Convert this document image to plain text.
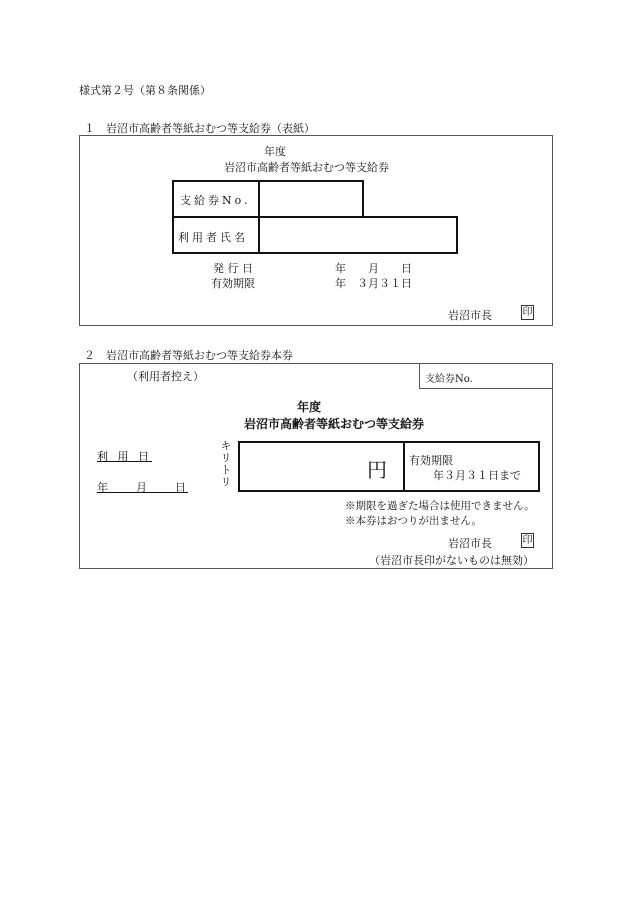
様式第２号（第８条関係）
１　岩沼市高齢者等紙おむつ等支給券（表紙）
年度
岩沼市高齢者等紙おむつ等支給券
支給券No.
利用者氏名
発 行 日	年　　月　　日
有効期限	年　３月３１日
岩沼市長	印
２　岩沼市高齢者等紙おむつ等支給券本券
（利用者控え）	支給券No.
年度
岩沼市高齢者等紙おむつ等支給券
利 用 日
年　　月　　日	キリトリ	円 有効期限
年３月３１日まで
※期限を過ぎた場合は使用できません。
※本券はおつりが出ません。
岩沼市長	印
（岩沼市長印がないものは無効）
